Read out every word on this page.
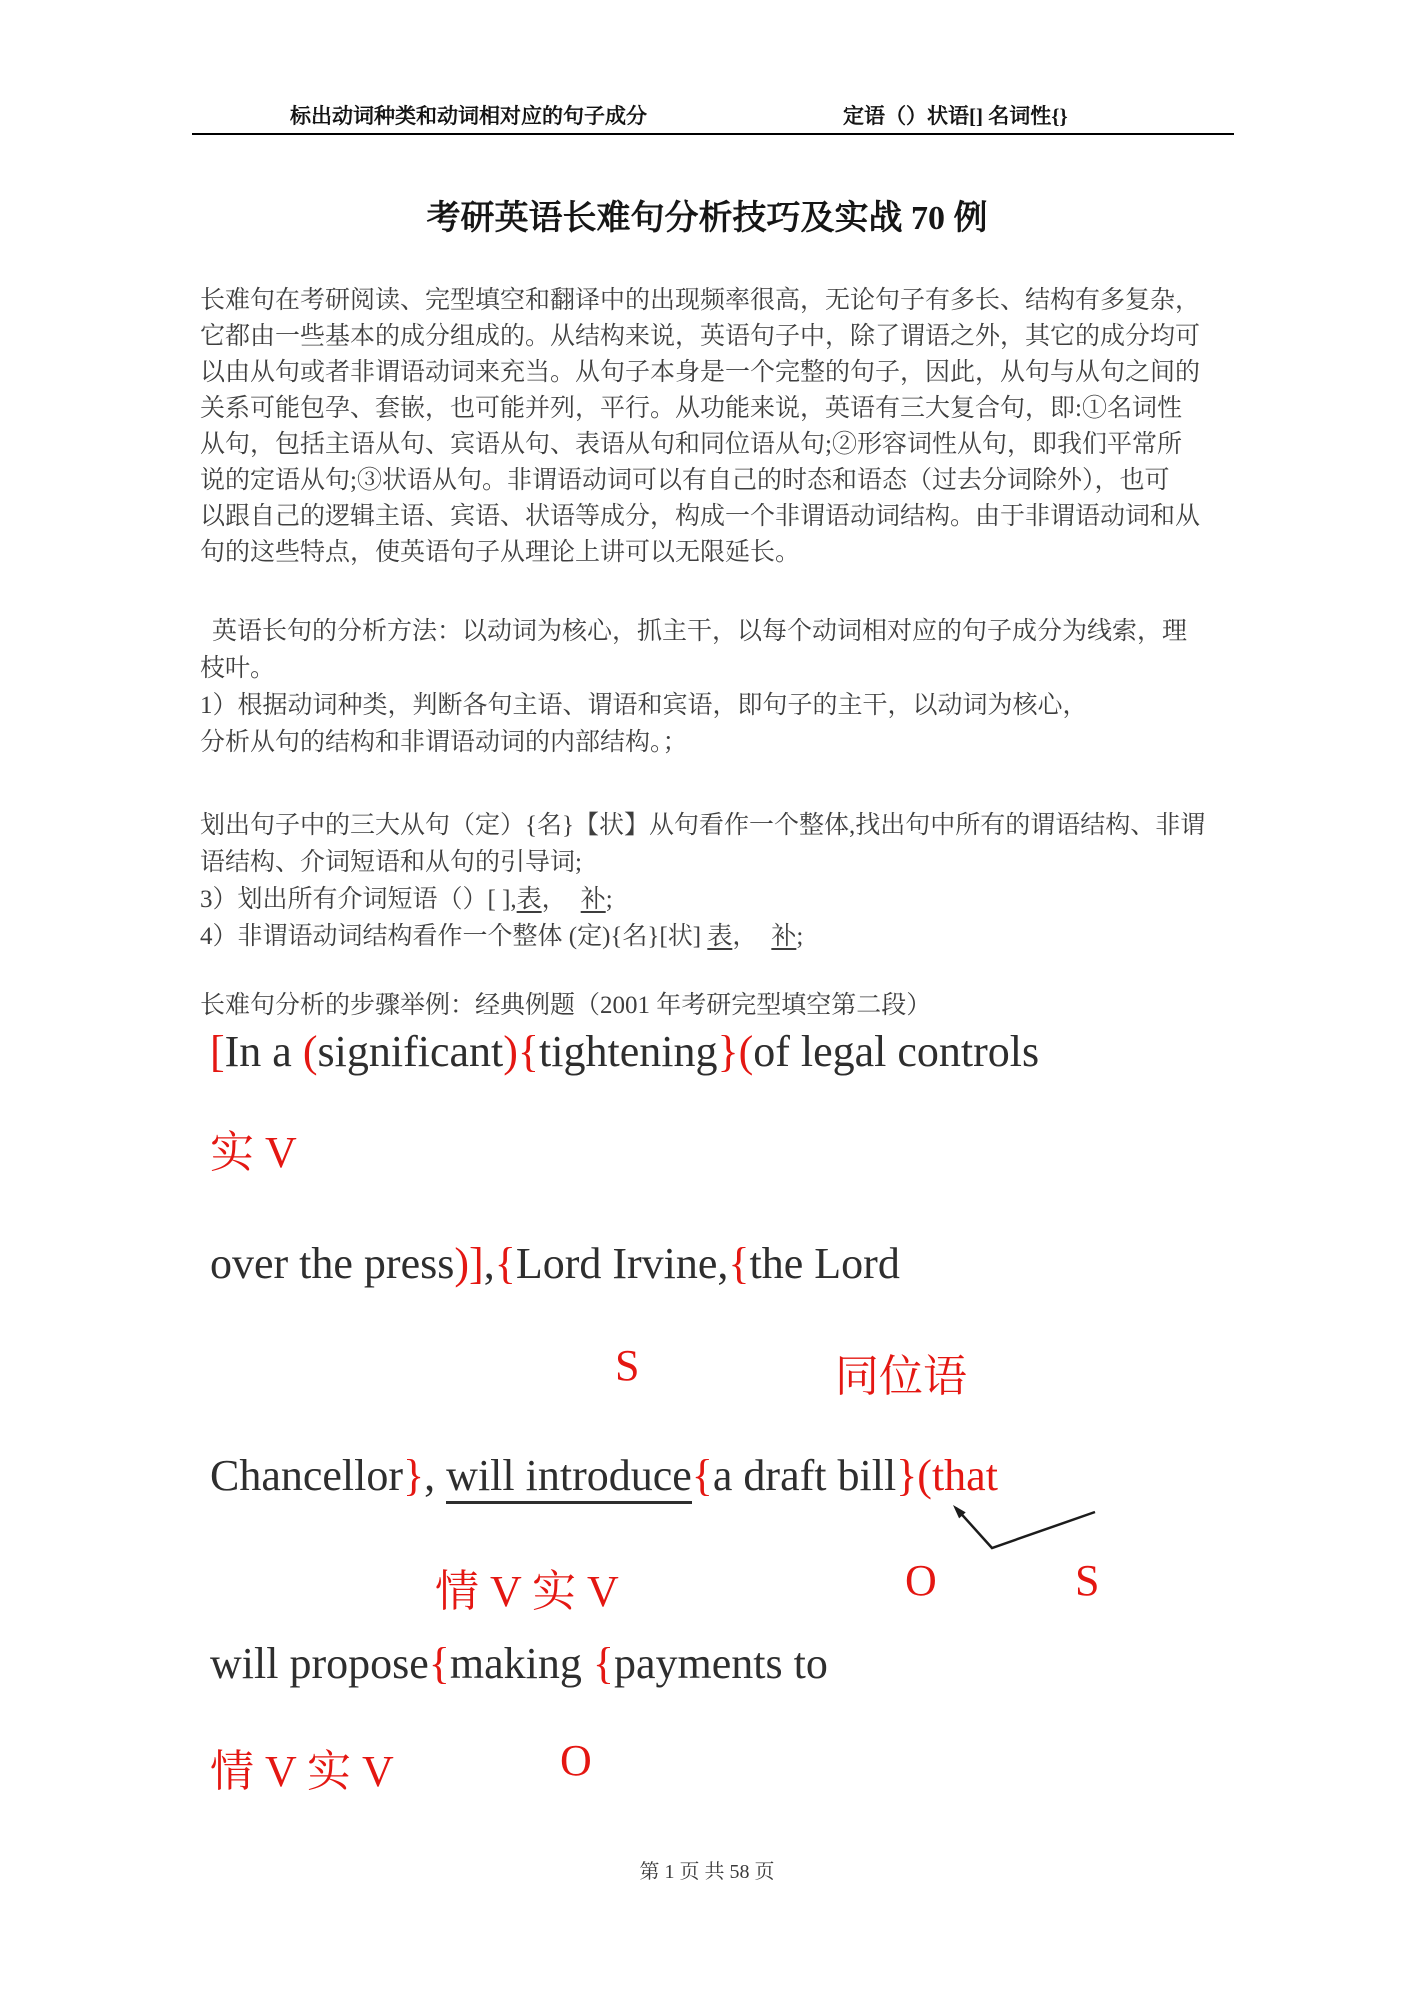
标出动词种类和动词相对应的句子成分	定语（）状语[] 名词性{}
考研英语长难句分析技巧及实战 70 例
长难句在考研阅读、完型填空和翻译中的出现频率很高，无论句子有多长、结构有多复杂，
它都由一些基本的成分组成的。从结构来说，英语句子中，除了谓语之外，其它的成分均可
以由从句或者非谓语动词来充当。从句子本身是一个完整的句子，因此，从句与从句之间的
关系可能包孕、套嵌，也可能并列，平行。从功能来说，英语有三大复合句，即:①名词性
从句，包括主语从句、宾语从句、表语从句和同位语从句;②形容词性从句，即我们平常所
说的定语从句;③状语从句。非谓语动词可以有自己的时态和语态（过去分词除外），也可
以跟自己的逻辑主语、宾语、状语等成分，构成一个非谓语动词结构。由于非谓语动词和从
句的这些特点，使英语句子从理论上讲可以无限延长。
英语长句的分析方法：以动词为核心，抓主干，以每个动词相对应的句子成分为线索，理
枝叶。
1）根据动词种类，判断各句主语、谓语和宾语，即句子的主干，以动词为核心，
分析从句的结构和非谓语动词的内部结构。；
划出句子中的三大从句（定）{名}【状】从句看作一个整体,找出句中所有的谓语结构、非谓
语结构、介词短语和从句的引导词;
3）划出所有介词短语（）[ ],表， 补;
4）非谓语动词结构看作一个整体 (定){名}[状] 表， 补;
长难句分析的步骤举例：经典例题（2001 年考研完型填空第二段）
[In a (significant){tightening}(of legal controls
实 V
over the press)],{Lord Irvine,{the Lord
S	同位语
Chancellor}, will introduce{a draft bill}(that
情 V 实 V	O	S
will propose{making {payments to
情 V 实 V	O
第 1 页 共 58 页
